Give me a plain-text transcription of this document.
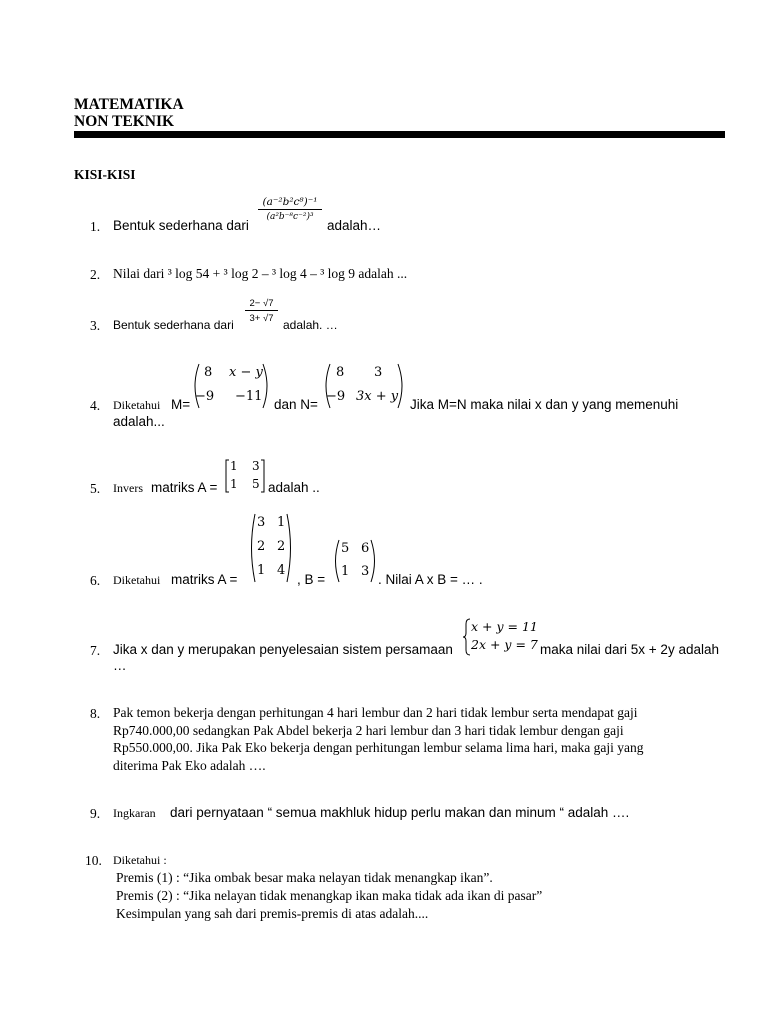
MATEMATIKA
NON TEKNIK
KISI-KISI
1. Bentuk sederhana dari
$\frac{\text{(a⁻²b²c⁸)⁻¹}}{\text{(a²b⁻⁸c⁻²)³}}$
adalah…
2. Nilai dari ³ log 54 + ³ log 2 – ³ log 4 – ³ log 9 adalah ...
3. Bentuk sederhana dari
$\frac{2- √7}{3+ √7}$
adalah. …
4. Diketahui M=
8 x − y
−9 −11
dan N=
8 3
−9 3x + y
Jika M=N maka nilai x dan y yang memenuhi
adalah...
5. Invers matriks A =
1 3
1 5 adalah ..
6. Diketahui matriks A =
3 1
2 2
1 4
, B =
5 6
1 3
. Nilai A x B = … .
7. Jika x dan y merupakan penyelesaian sistem persamaan
x + y = 11
2x + y = 7 maka nilai dari 5x + 2y adalah
…
8. Pak temon bekerja dengan perhitungan 4 hari lembur dan 2 hari tidak lembur serta mendapat gaji
Rp740.000,00 sedangkan Pak Abdel bekerja 2 hari lembur dan 3 hari tidak lembur dengan gaji
Rp550.000,00. Jika Pak Eko bekerja dengan perhitungan lembur selama lima hari, maka gaji yang
diterima Pak Eko adalah ….
9. Ingkaran dari pernyataan “ semua makhluk hidup perlu makan dan minum “ adalah ….
10. Diketahui :
Premis (1) : “Jika ombak besar maka nelayan tidak menangkap ikan”.
Premis (2) : “Jika nelayan tidak menangkap ikan maka tidak ada ikan di pasar”
Kesimpulan yang sah dari premis-premis di atas adalah....
